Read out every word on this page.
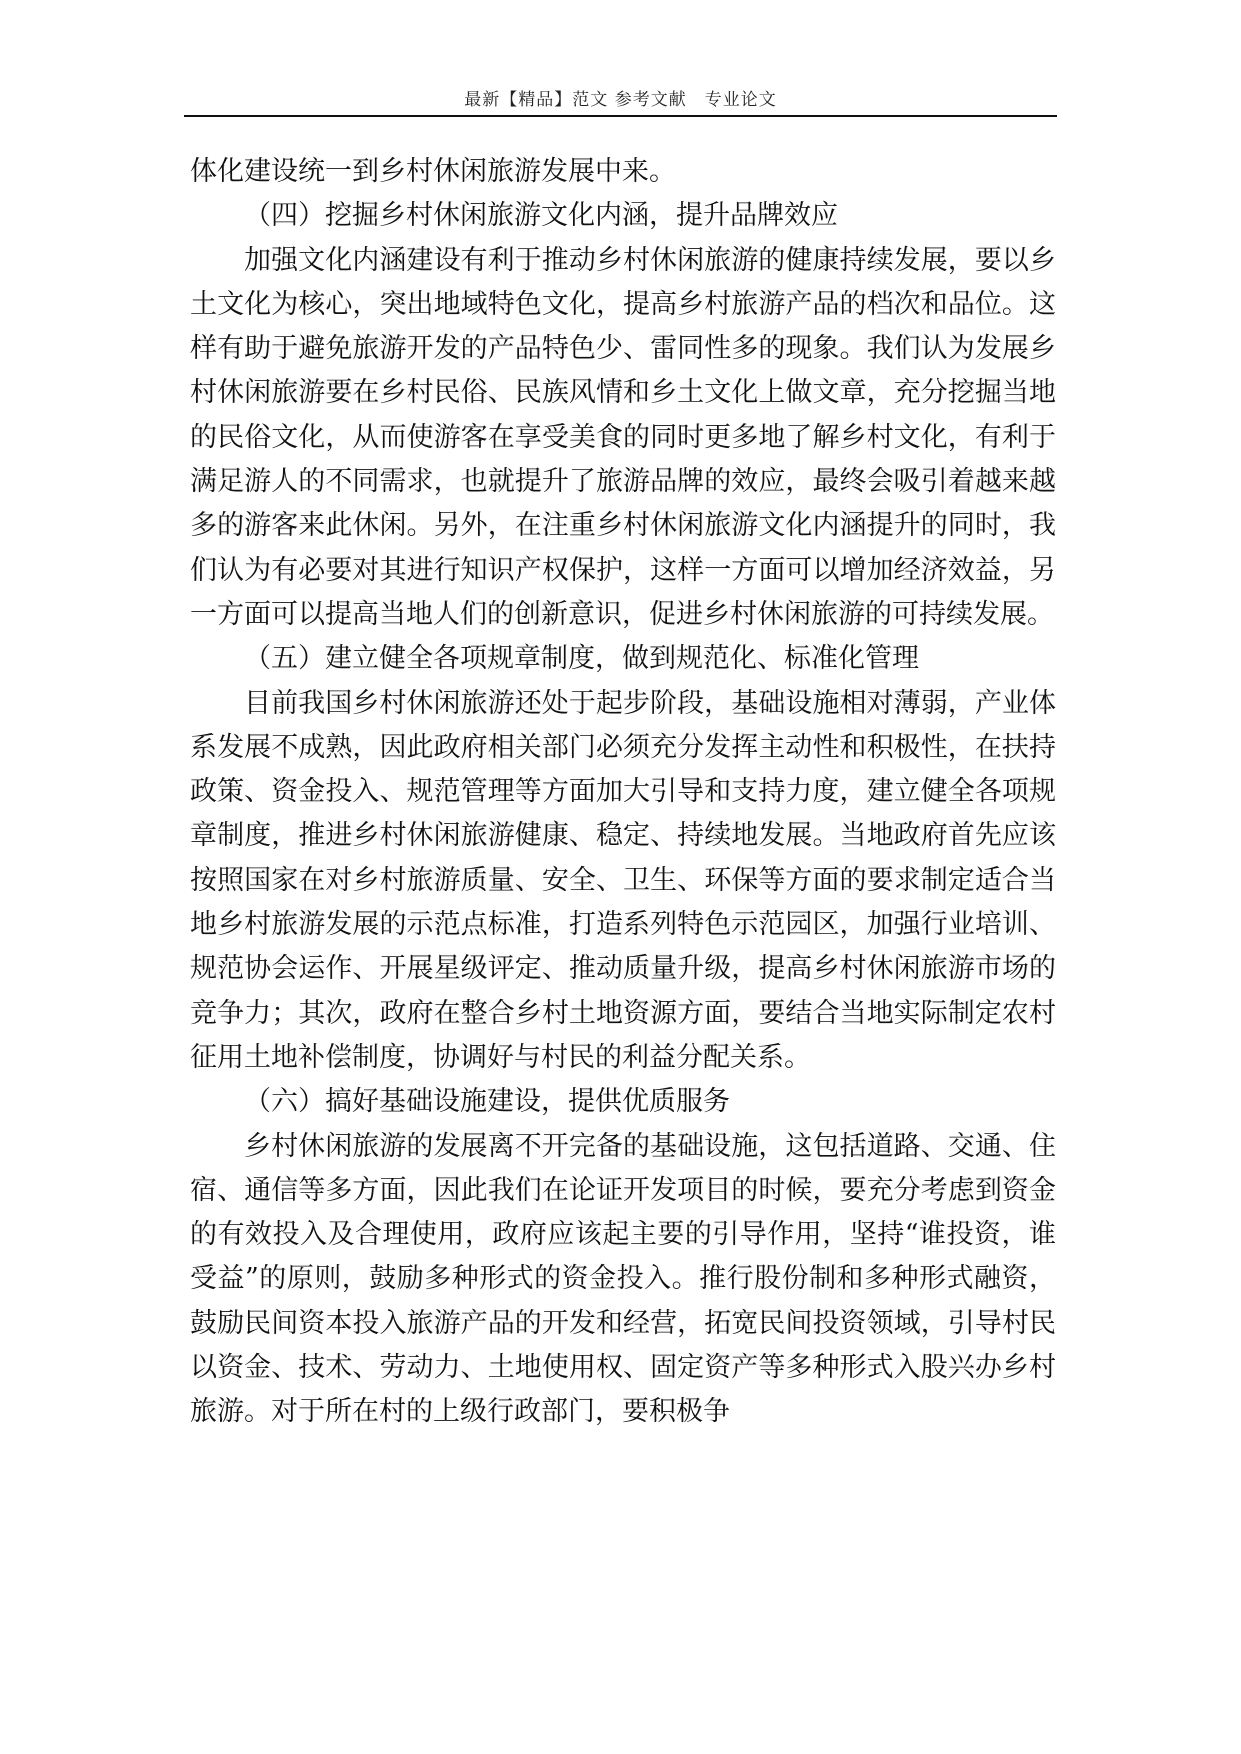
最新【精品】范文 参考文献　专业论文

体化建设统一到乡村休闲旅游发展中来。

（四）挖掘乡村休闲旅游文化内涵，提升品牌效应

加强文化内涵建设有利于推动乡村休闲旅游的健康持续发展，要以乡土文化为核心，突出地域特色文化，提高乡村旅游产品的档次和品位。这样有助于避免旅游开发的产品特色少、雷同性多的现象。我们认为发展乡村休闲旅游要在乡村民俗、民族风情和乡土文化上做文章，充分挖掘当地的民俗文化，从而使游客在享受美食的同时更多地了解乡村文化，有利于满足游人的不同需求，也就提升了旅游品牌的效应，最终会吸引着越来越多的游客来此休闲。另外，在注重乡村休闲旅游文化内涵提升的同时，我们认为有必要对其进行知识产权保护，这样一方面可以增加经济效益，另一方面可以提高当地人们的创新意识，促进乡村休闲旅游的可持续发展。

（五）建立健全各项规章制度，做到规范化、标准化管理

目前我国乡村休闲旅游还处于起步阶段，基础设施相对薄弱，产业体系发展不成熟，因此政府相关部门必须充分发挥主动性和积极性，在扶持政策、资金投入、规范管理等方面加大引导和支持力度，建立健全各项规章制度，推进乡村休闲旅游健康、稳定、持续地发展。当地政府首先应该按照国家在对乡村旅游质量、安全、卫生、环保等方面的要求制定适合当地乡村旅游发展的示范点标准，打造系列特色示范园区，加强行业培训、规范协会运作、开展星级评定、推动质量升级，提高乡村休闲旅游市场的竞争力；其次，政府在整合乡村土地资源方面，要结合当地实际制定农村征用土地补偿制度，协调好与村民的利益分配关系。

（六）搞好基础设施建设，提供优质服务

乡村休闲旅游的发展离不开完备的基础设施，这包括道路、交通、住宿、通信等多方面，因此我们在论证开发项目的时候，要充分考虑到资金的有效投入及合理使用，政府应该起主要的引导作用，坚持“谁投资，谁受益”的原则，鼓励多种形式的资金投入。推行股份制和多种形式融资，鼓励民间资本投入旅游产品的开发和经营，拓宽民间投资领域，引导村民以资金、技术、劳动力、土地使用权、固定资产等多种形式入股兴办乡村旅游。对于所在村的上级行政部门，要积极争
